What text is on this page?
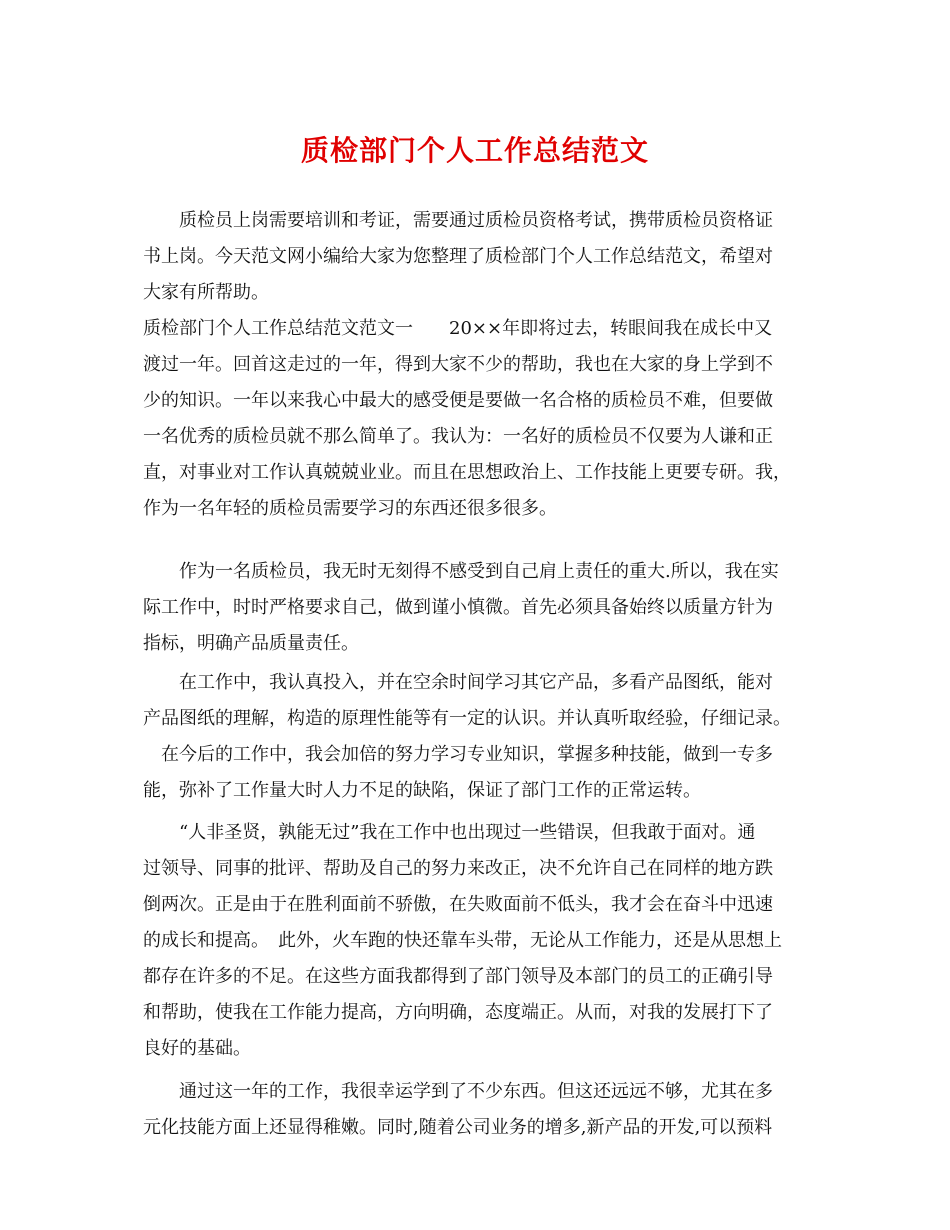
质检部门个人工作总结范文
　　质检员上岗需要培训和考证，需要通过质检员资格考试，携带质检员资格证
书上岗。今天范文网小编给大家为您整理了质检部门个人工作总结范文，希望对
大家有所帮助。
质检部门个人工作总结范文范文一　　20××年即将过去，转眼间我在成长中又
渡过一年。回首这走过的一年，得到大家不少的帮助，我也在大家的身上学到不
少的知识。一年以来我心中最大的感受便是要做一名合格的质检员不难，但要做
一名优秀的质检员就不那么简单了。我认为：一名好的质检员不仅要为人谦和正
直，对事业对工作认真兢兢业业。而且在思想政治上、工作技能上更要专研。我，
作为一名年轻的质检员需要学习的东西还很多很多。
　　作为一名质检员，我无时无刻得不感受到自己肩上责任的重大.所以，我在实
际工作中，时时严格要求自己，做到谨小慎微。首先必须具备始终以质量方针为
指标，明确产品质量责任。
　　在工作中，我认真投入，并在空余时间学习其它产品，多看产品图纸，能对
产品图纸的理解，构造的原理性能等有一定的认识。并认真听取经验，仔细记录。
　在今后的工作中，我会加倍的努力学习专业知识，掌握多种技能，做到一专多
能，弥补了工作量大时人力不足的缺陷，保证了部门工作的正常运转。
　　“人非圣贤，孰能无过”我在工作中也出现过一些错误，但我敢于面对。通
过领导、同事的批评、帮助及自己的努力来改正，决不允许自己在同样的地方跌
倒两次。正是由于在胜利面前不骄傲，在失败面前不低头，我才会在奋斗中迅速
的成长和提高。　此外，火车跑的快还靠车头带，无论从工作能力，还是从思想上
都存在许多的不足。在这些方面我都得到了部门领导及本部门的员工的正确引导
和帮助，使我在工作能力提高，方向明确，态度端正。从而，对我的发展打下了
良好的基础。
　　通过这一年的工作，我很幸运学到了不少东西。但这还远远不够，尤其在多
元化技能方面上还显得稚嫩。同时,随着公司业务的增多,新产品的开发,可以预料
